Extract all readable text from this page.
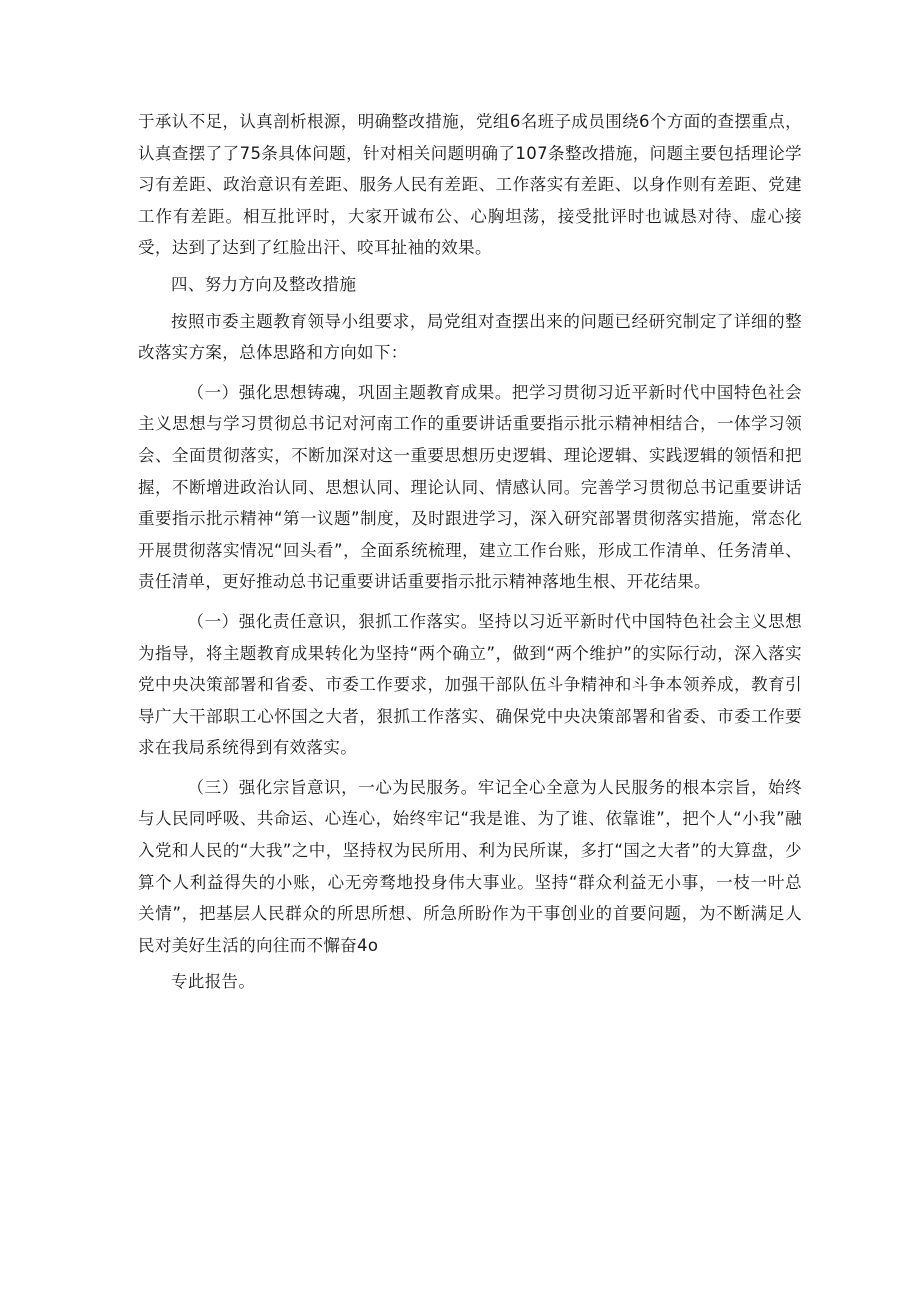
于承认不足，认真剖析根源，明确整改措施，党组6名班子成员围绕6个方面的查摆重点，认真查摆了了75条具体问题，针对相关问题明确了107条整改措施，问题主要包括理论学习有差距、政治意识有差距、服务人民有差距、工作落实有差距、以身作则有差距、党建工作有差距。相互批评时，大家开诚布公、心胸坦荡，接受批评时也诚恳对待、虚心接受，达到了达到了红脸出汗、咬耳扯袖的效果。

四、努力方向及整改措施

按照市委主题教育领导小组要求，局党组对查摆出来的问题已经研究制定了详细的整改落实方案，总体思路和方向如下：

（一）强化思想铸魂，巩固主题教育成果。把学习贯彻习近平新时代中国特色社会主义思想与学习贯彻总书记对河南工作的重要讲话重要指示批示精神相结合，一体学习领会、全面贯彻落实，不断加深对这一重要思想历史逻辑、理论逻辑、实践逻辑的领悟和把握，不断增进政治认同、思想认同、理论认同、情感认同。完善学习贯彻总书记重要讲话重要指示批示精神“第一议题”制度，及时跟进学习，深入研究部署贯彻落实措施，常态化开展贯彻落实情况“回头看”，全面系统梳理，建立工作台账，形成工作清单、任务清单、责任清单，更好推动总书记重要讲话重要指示批示精神落地生根、开花结果。

（一）强化责任意识，狠抓工作落实。坚持以习近平新时代中国特色社会主义思想为指导，将主题教育成果转化为坚持“两个确立”，做到“两个维护”的实际行动，深入落实党中央决策部署和省委、市委工作要求，加强干部队伍斗争精神和斗争本领养成，教育引导广大干部职工心怀国之大者，狠抓工作落实、确保党中央决策部署和省委、市委工作要求在我局系统得到有效落实。

（三）强化宗旨意识，一心为民服务。牢记全心全意为人民服务的根本宗旨，始终与人民同呼吸、共命运、心连心，始终牢记“我是谁、为了谁、依靠谁”，把个人“小我”融入党和人民的“大我”之中，坚持权为民所用、利为民所谋，多打“国之大者”的大算盘，少算个人利益得失的小账，心无旁骛地投身伟大事业。坚持“群众利益无小事，一枝一叶总关情”，把基层人民群众的所思所想、所急所盼作为干事创业的首要问题，为不断满足人民对美好生活的向往而不懈奋4o

专此报告。
